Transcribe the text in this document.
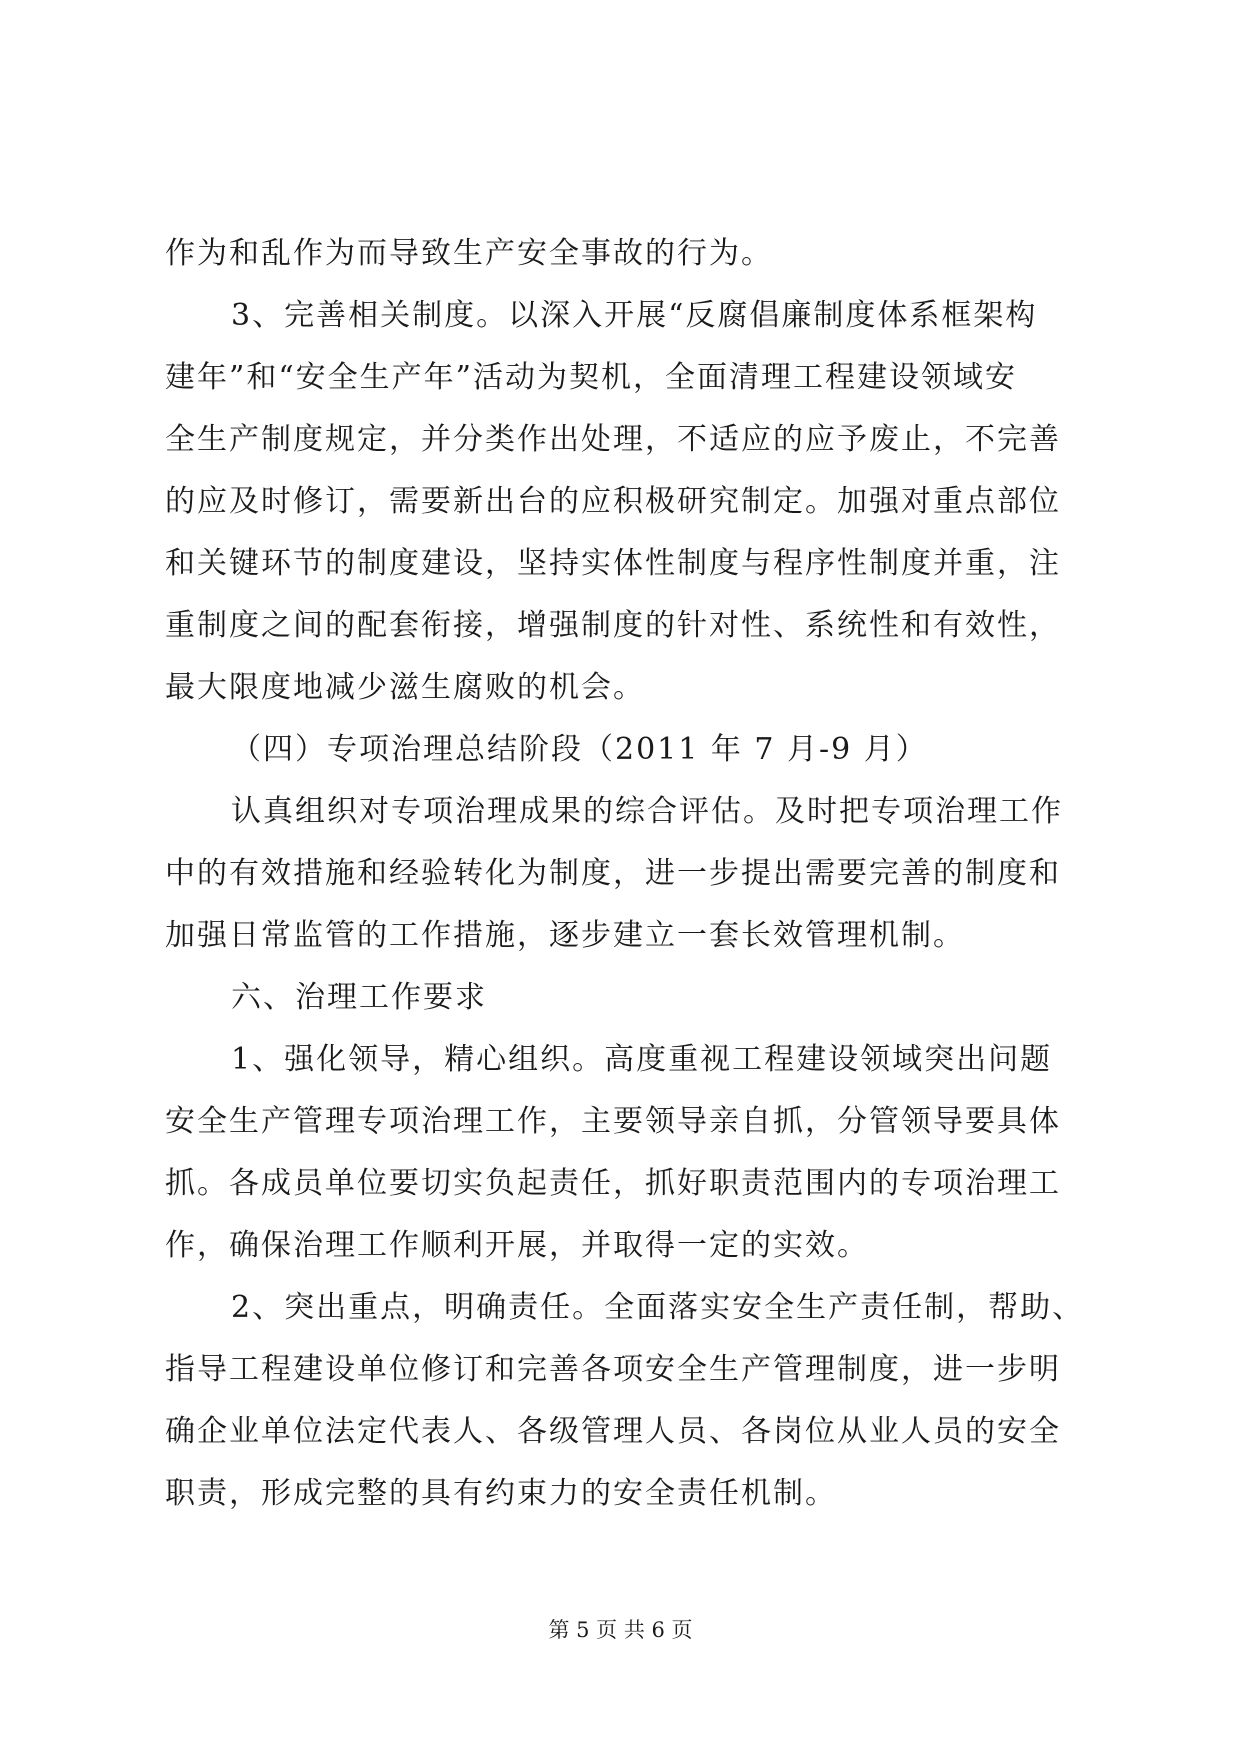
作为和乱作为而导致生产安全事故的行为。
3、完善相关制度。以深入开展“反腐倡廉制度体系框架构
建年”和“安全生产年”活动为契机，全面清理工程建设领域安
全生产制度规定，并分类作出处理，不适应的应予废止，不完善
的应及时修订，需要新出台的应积极研究制定。加强对重点部位
和关键环节的制度建设，坚持实体性制度与程序性制度并重，注
重制度之间的配套衔接，增强制度的针对性、系统性和有效性，
最大限度地减少滋生腐败的机会。
（四）专项治理总结阶段（2011 年 7 月-9 月）
认真组织对专项治理成果的综合评估。及时把专项治理工作
中的有效措施和经验转化为制度，进一步提出需要完善的制度和
加强日常监管的工作措施，逐步建立一套长效管理机制。
六、治理工作要求
1、强化领导，精心组织。高度重视工程建设领域突出问题
安全生产管理专项治理工作，主要领导亲自抓，分管领导要具体
抓。各成员单位要切实负起责任，抓好职责范围内的专项治理工
作，确保治理工作顺利开展，并取得一定的实效。
2、突出重点，明确责任。全面落实安全生产责任制，帮助、
指导工程建设单位修订和完善各项安全生产管理制度，进一步明
确企业单位法定代表人、各级管理人员、各岗位从业人员的安全
职责，形成完整的具有约束力的安全责任机制。
第 5 页 共 6 页
